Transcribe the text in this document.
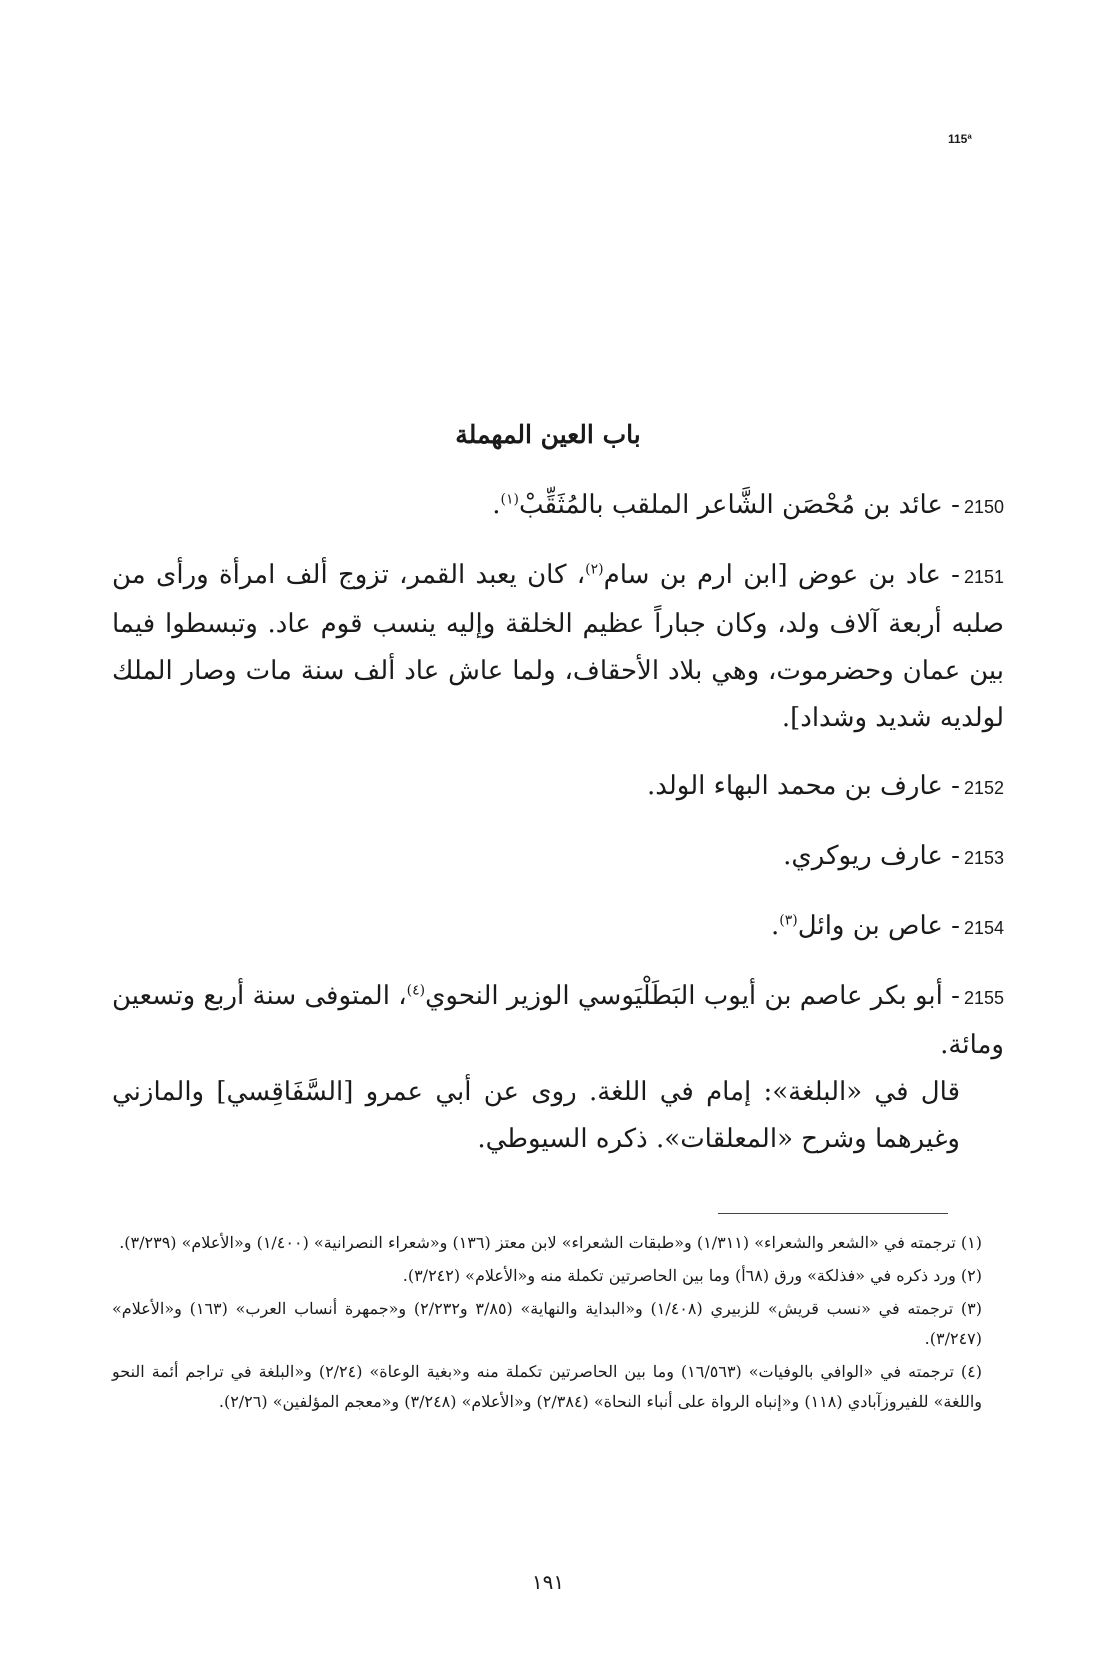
115ª
باب العين المهملة
2150- عائد بن مُحْصَن الشَّاعر الملقب بالمُثَقِّبْ$^{(١)}$.
2151- عاد بن عوض [ابن ارم بن سام$^{(٢)}$، كان يعبد القمر، تزوج ألف امرأة ورأى من صلبه أربعة آلاف ولد، وكان جباراً عظيم الخلقة وإليه ينسب قوم عاد. وتبسطوا فيما بين عمان وحضرموت، وهي بلاد الأحقاف، ولما عاش عاد ألف سنة مات وصار الملك لولديه شديد وشداد].
2152- عارف بن محمد البهاء الولد.
2153- عارف ريوكري.
2154- عاص بن وائل$^{(٣)}$.
2155- أبو بكر عاصم بن أيوب البَطَلْيَوسي الوزير النحوي$^{(٤)}$، المتوفى سنة أربع وتسعين ومائة.
قال في «البلغة»: إمام في اللغة. روى عن أبي عمرو [السَّفَاقِسي] والمازني وغيرهما وشرح «المعلقات». ذكره السيوطي.

(١) ترجمته في «الشعر والشعراء» (١/٣١١) و«طبقات الشعراء» لابن معتز (١٣٦) و«شعراء النصرانية» (١/٤٠٠) و«الأعلام» (٣/٢٣٩).

(٢) ورد ذكره في «فذلكة» ورق (٦٨أ) وما بين الحاصرتين تكملة منه و«الأعلام» (٣/٢٤٢).

(٣) ترجمته في «نسب قريش» للزبيري (١/٤٠٨) و«البداية والنهاية» (٣/٨٥ و٢/٢٣٢) و«جمهرة أنساب العرب» (١٦٣) و«الأعلام» (٣/٢٤٧).

(٤) ترجمته في «الوافي بالوفيات» (١٦/٥٦٣) وما بين الحاصرتين تكملة منه و«بغية الوعاة» (٢/٢٤) و«البلغة في تراجم أئمة النحو واللغة» للفيروزآبادي (١١٨) و«إنباه الرواة على أنباء النحاة» (٢/٣٨٤) و«الأعلام» (٣/٢٤٨) و«معجم المؤلفين» (٢/٢٦).

١٩١
